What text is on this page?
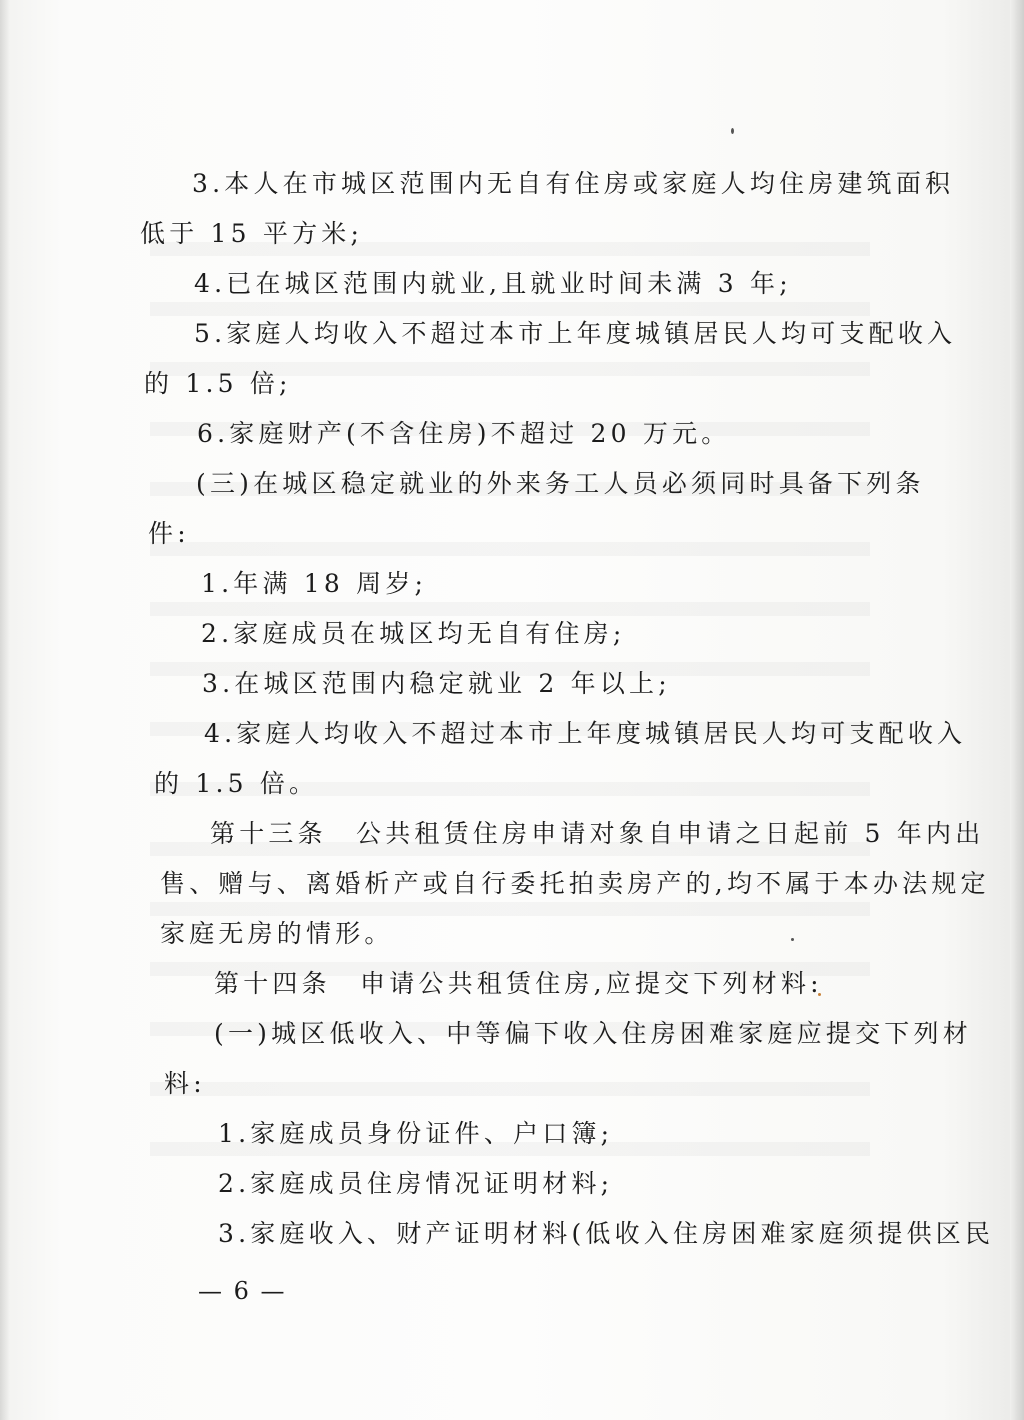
3.本人在市城区范围内无自有住房或家庭人均住房建筑面积
低于 15 平方米;
4.已在城区范围内就业,且就业时间未满 3 年;
5.家庭人均收入不超过本市上年度城镇居民人均可支配收入
的 1.5 倍;
6.家庭财产(不含住房)不超过 20 万元。
(三)在城区稳定就业的外来务工人员必须同时具备下列条
件:
1.年满 18 周岁;
2.家庭成员在城区均无自有住房;
3.在城区范围内稳定就业 2 年以上;
4.家庭人均收入不超过本市上年度城镇居民人均可支配收入
的 1.5 倍。
第十三条　公共租赁住房申请对象自申请之日起前 5 年内出
售、赠与、离婚析产或自行委托拍卖房产的,均不属于本办法规定
家庭无房的情形。
第十四条　申请公共租赁住房,应提交下列材料:
(一)城区低收入、中等偏下收入住房困难家庭应提交下列材
料:
1.家庭成员身份证件、户口簿;
2.家庭成员住房情况证明材料;
3.家庭收入、财产证明材料(低收入住房困难家庭须提供区民
— 6 —
